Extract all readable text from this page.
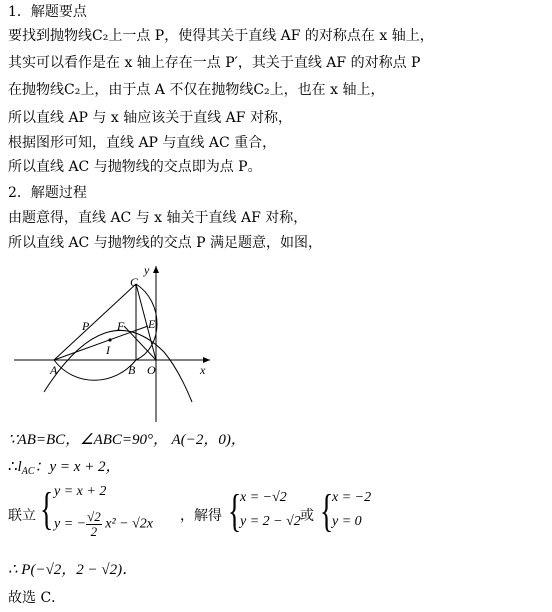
1．解题要点
要找到抛物线C₂上一点 P，使得其关于直线 AF 的对称点在 x 轴上，
其实可以看作是在 x 轴上存在一点 P′，其关于直线 AF 的对称点 P
在抛物线C₂上，由于点 A 不仅在抛物线C₂上，也在 x 轴上，
所以直线 AP 与 x 轴应该关于直线 AF 对称，
根据图形可知，直线 AP 与直线 AC 重合，
所以直线 AC 与抛物线的交点即为点 P。
2．解题过程
由题意得，直线 AC 与 x 轴关于直线 AF 对称，
所以直线 AC 与抛物线的交点 P 满足题意，如图，
y
x
C
P F E
I
A	B O
∵AB=BC，∠ABC=90°， A(−2，0)，
$\therefore l_{AC}$：y = x + 2，
联立 { y = x + 2
y = − $\frac{√2}{2} x^2 - √2x$
，解得 {
x = −√2
y = 2 − √2 或 {
x = −2
y = 0
∴ P(−√2，2 − √2)．
故选 C．
